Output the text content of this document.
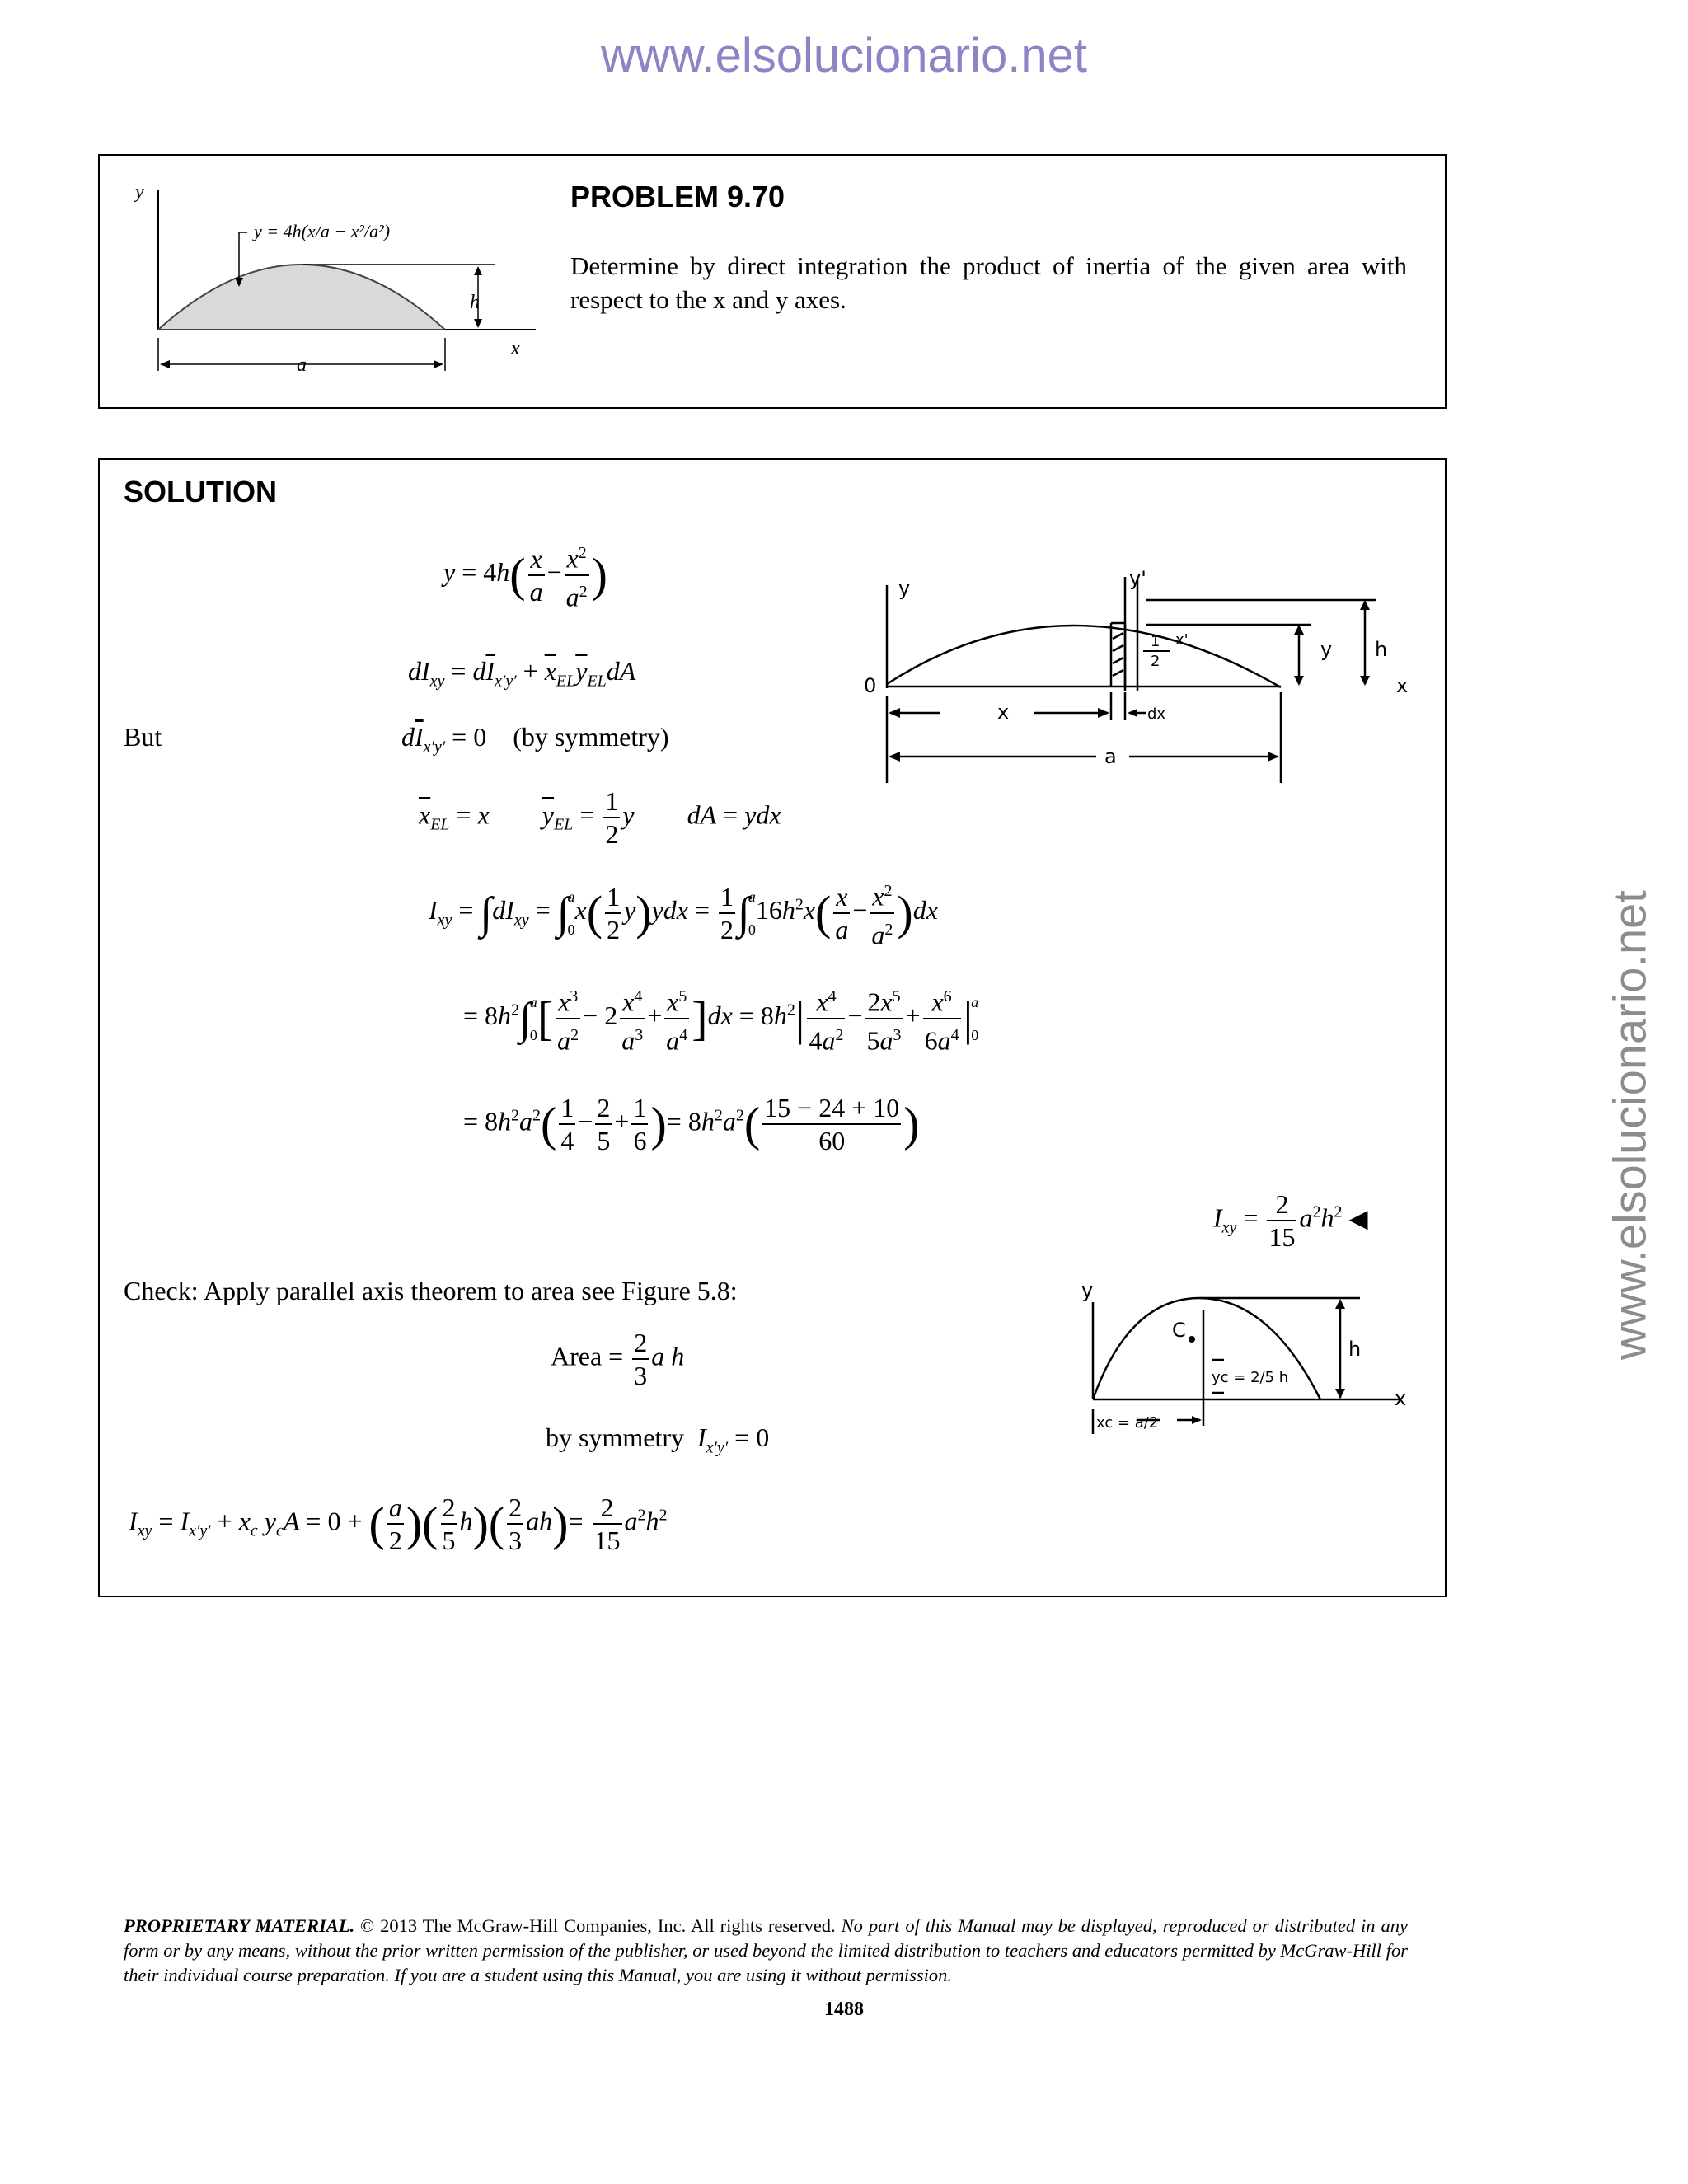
www.elsolucionario.net
www.elsolucionario.net
y
x
h
a
y = 4h(x/a − x²/a²)
PROBLEM 9.70
Determine by direct integration the product of inertia of the given area with respect to the x and y axes.
SOLUTION
$y = 4h( \frac{x}{a} - \frac{x^2}{a^2}$ )
$dI_{xy} = d\overline{I}_{x'y'} + \overline{x}_{EL}\overline{y}_{EL}dA$
But	$d\overline{I}_{x'y'} = 0$    (by symmetry)
$\overline{x}_{EL} = x$ $\overline{y}_{EL} = \frac{1}{2}$ y dA = ydx
$I_{xy} = \int dI_{xy}$ = ∫
a
0
$x( \frac{1}{2} y)ydx = \frac{1}{2}$ ∫
a
0
$16h^2x( \frac{x}{a} - \frac{x^2}{a^2} )dx$
= $8h^2\int$
a
0 [ $\frac{x^3}{a^2} - 2 \frac{x^4}{a^3} + \frac{x^5}{a^4} ]dx = 8h^2| \frac{x^4}{4a^2} - \frac{2x^5}{5a^3} + \frac{x^6}{6a^4}$ |
a
0
= $8h^2a^2( \frac{1}{4} - \frac{2}{5} + \frac{1}{6}$ )= $8h^2a^2( \frac{15 - 24 + 10}{60}$ )
$I_{xy} = \frac{2}{15} a^2h^2$ ◀
Check: Apply parallel axis theorem to area see Figure 5.8:
Area = $\frac{2}{3}$ a h
by symmetry $I_{x'y'} = 0$
$I_{xy} = I_{x'y'} + x_c$ $y_cA = 0$ + ( $\frac{a}{2}$ )( $\frac{2}{5} h)( \frac{2}{3} ah)= \frac{2}{15} a^2h^2$
y	y'
x'
1
2
0
y h
x
x	dx
a
y
C
h
x
yc = 2/5 h
xc = a/2
PROPRIETARY MATERIAL. © 2013 The McGraw-Hill Companies, Inc. All rights reserved. No part of this Manual may be displayed, reproduced or distributed in any form or by any means, without the prior written permission of the publisher, or used beyond the limited distribution to teachers and educators permitted by McGraw-Hill for their individual course preparation. If you are a student using this Manual, you are using it without permission.
1488
